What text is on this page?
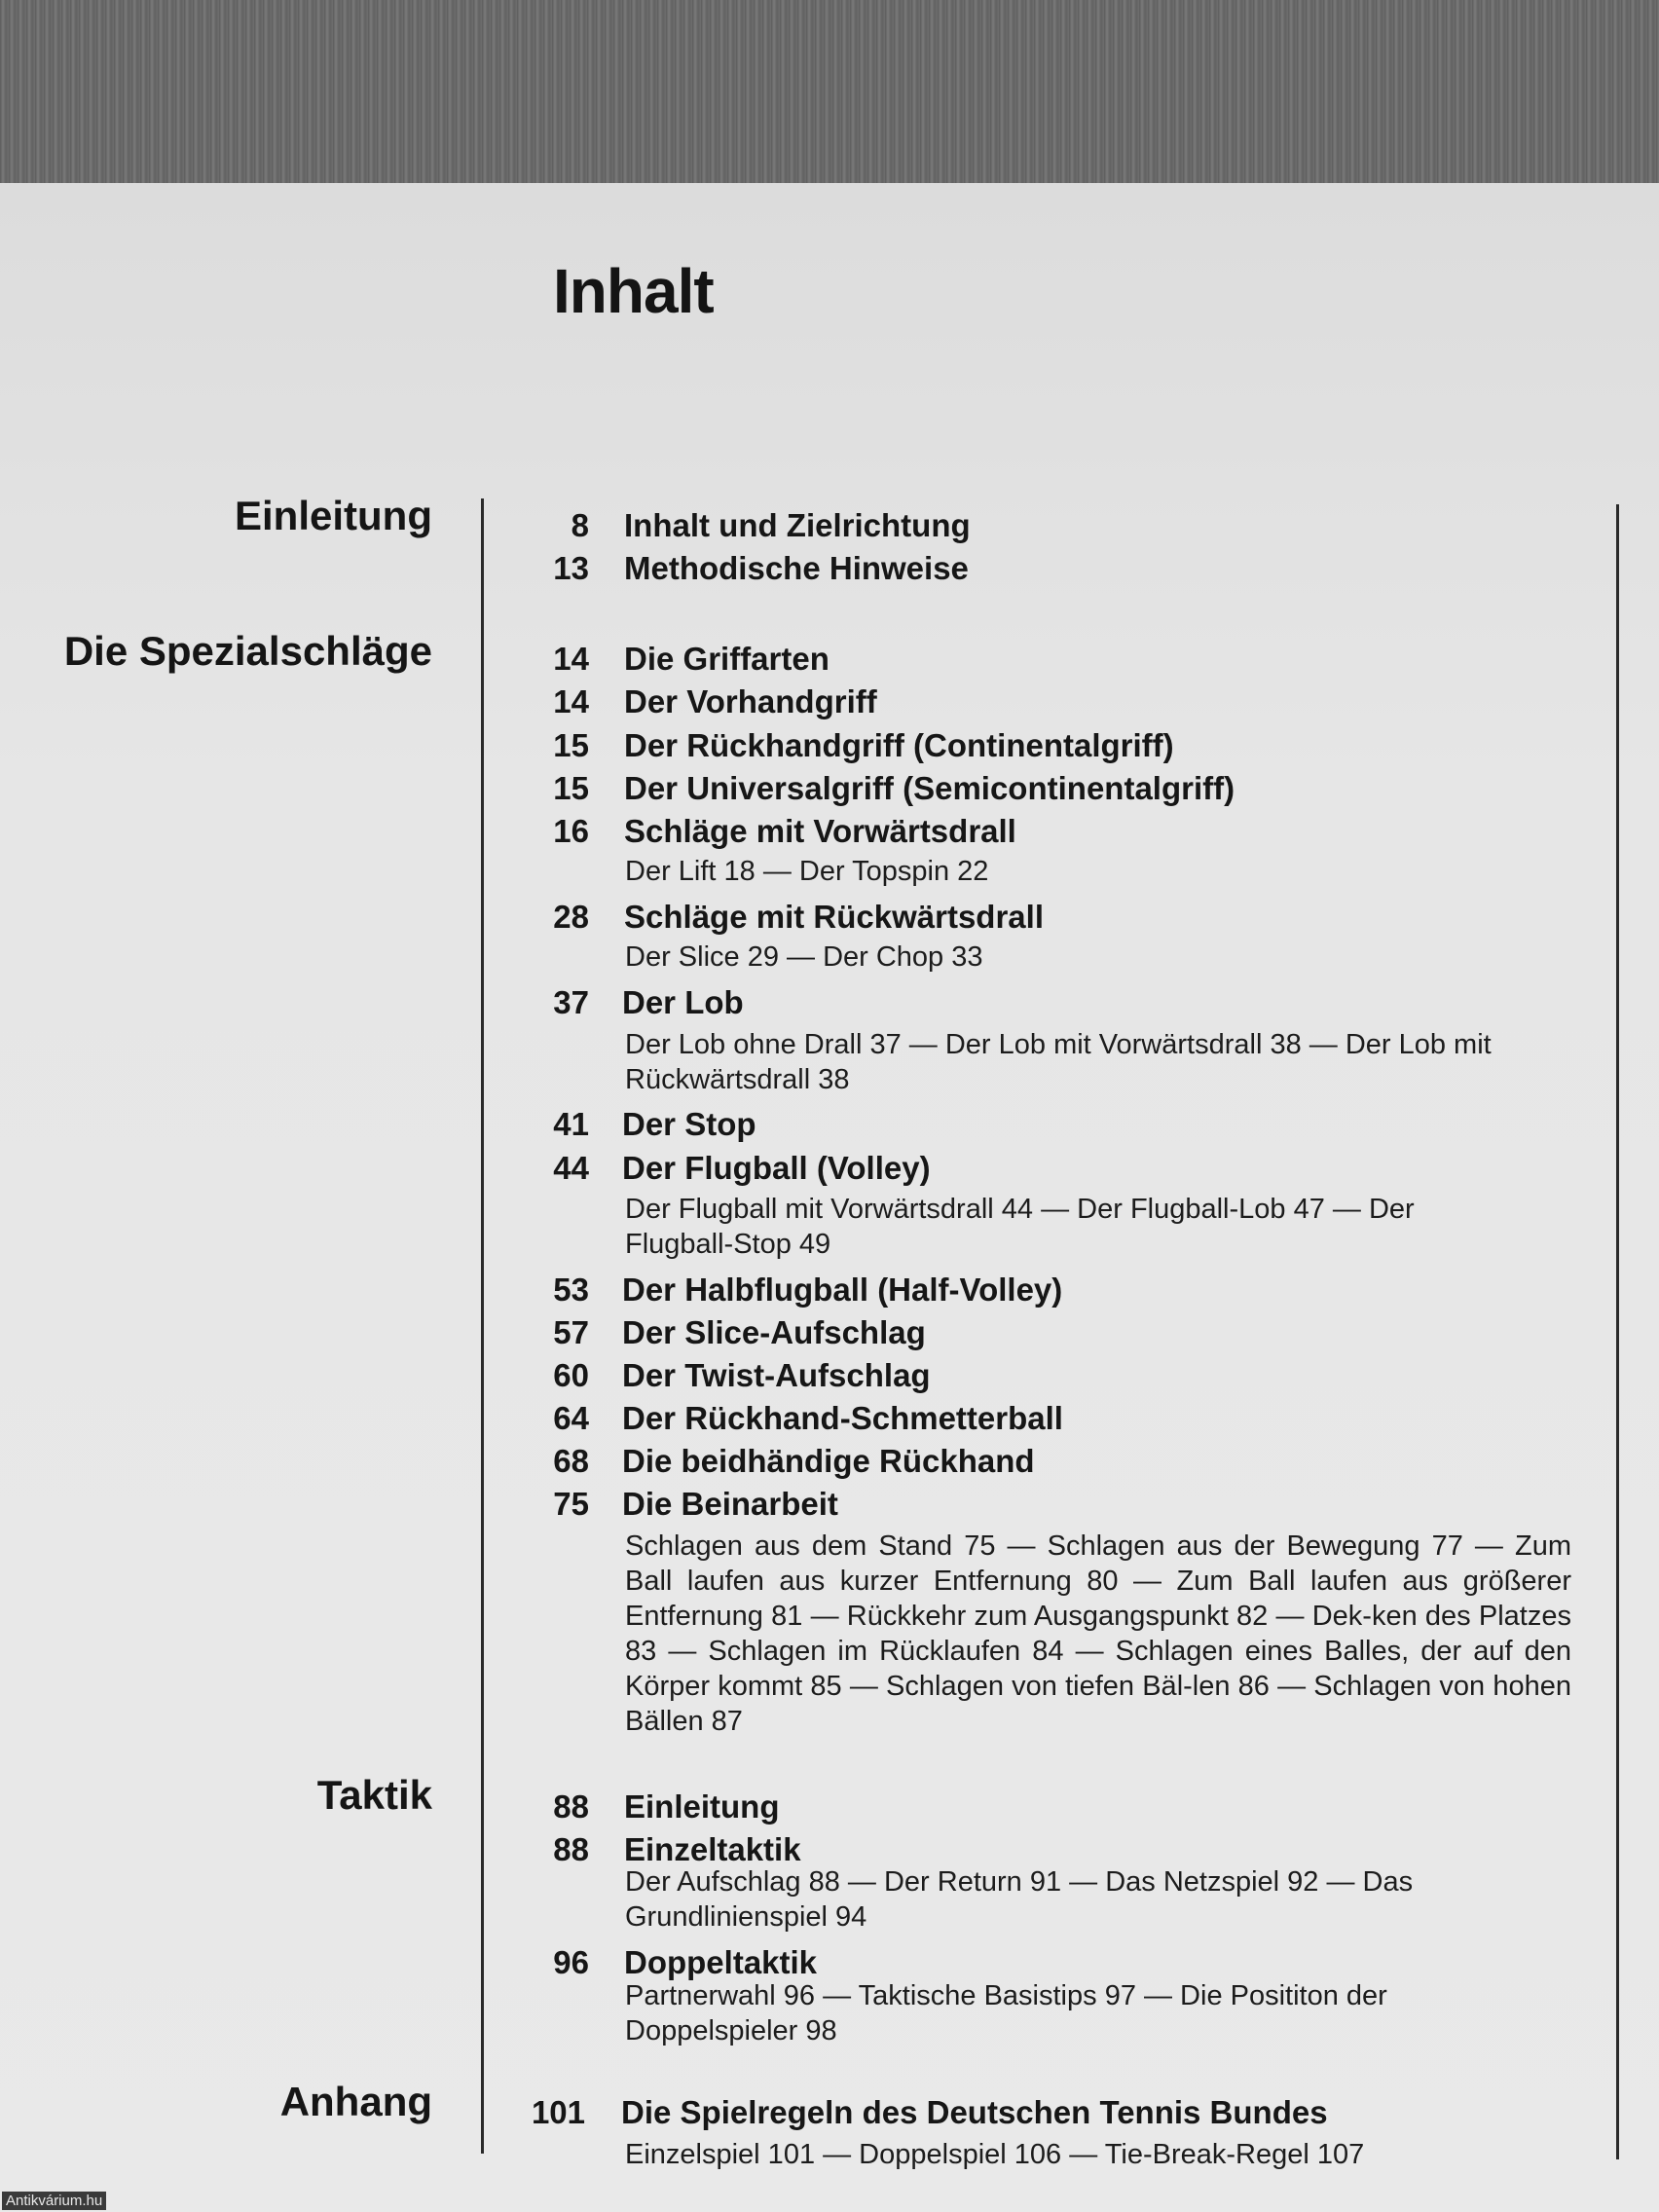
Inhalt
Einleitung
Die Spezialschläge
Taktik
Anhang
8 Inhalt und Zielrichtung
13 Methodische Hinweise
14 Die Griffarten
14 Der Vorhandgriff
15 Der Rückhandgriff (Continentalgriff)
15 Der Universalgriff (Semicontinentalgriff)
16 Schläge mit Vorwärtsdrall
Der Lift 18 — Der Topspin 22
28 Schläge mit Rückwärtsdrall
Der Slice 29 — Der Chop 33
37 Der Lob
Der Lob ohne Drall 37 — Der Lob mit Vorwärtsdrall 38 — Der Lob mit Rückwärtsdrall 38
41 Der Stop
44 Der Flugball (Volley)
Der Flugball mit Vorwärtsdrall 44 — Der Flugball-Lob 47 — Der Flugball-Stop 49
53 Der Halbflugball (Half-Volley)
57 Der Slice-Aufschlag
60 Der Twist-Aufschlag
64 Der Rückhand-Schmetterball
68 Die beidhändige Rückhand
75 Die Beinarbeit
Schlagen aus dem Stand 75 — Schlagen aus der Bewegung 77 — Zum Ball laufen aus kurzer Entfernung 80 — Zum Ball laufen aus größerer Entfernung 81 — Rückkehr zum Ausgangspunkt 82 — Dek-ken des Platzes 83 — Schlagen im Rücklaufen 84 — Schlagen eines Balles, der auf den Körper kommt 85 — Schlagen von tiefen Bäl-len 86 — Schlagen von hohen Bällen 87
88 Einleitung
88 Einzeltaktik
Der Aufschlag 88 — Der Return 91 — Das Netzspiel 92 — Das Grundlinienspiel 94
96 Doppeltaktik
Partnerwahl 96 — Taktische Basistips 97 — Die Posititon der Doppelspieler 98
101 Die Spielregeln des Deutschen Tennis Bundes
Einzelspiel 101 — Doppelspiel 106 — Tie-Break-Regel 107
Antikvárium.hu
